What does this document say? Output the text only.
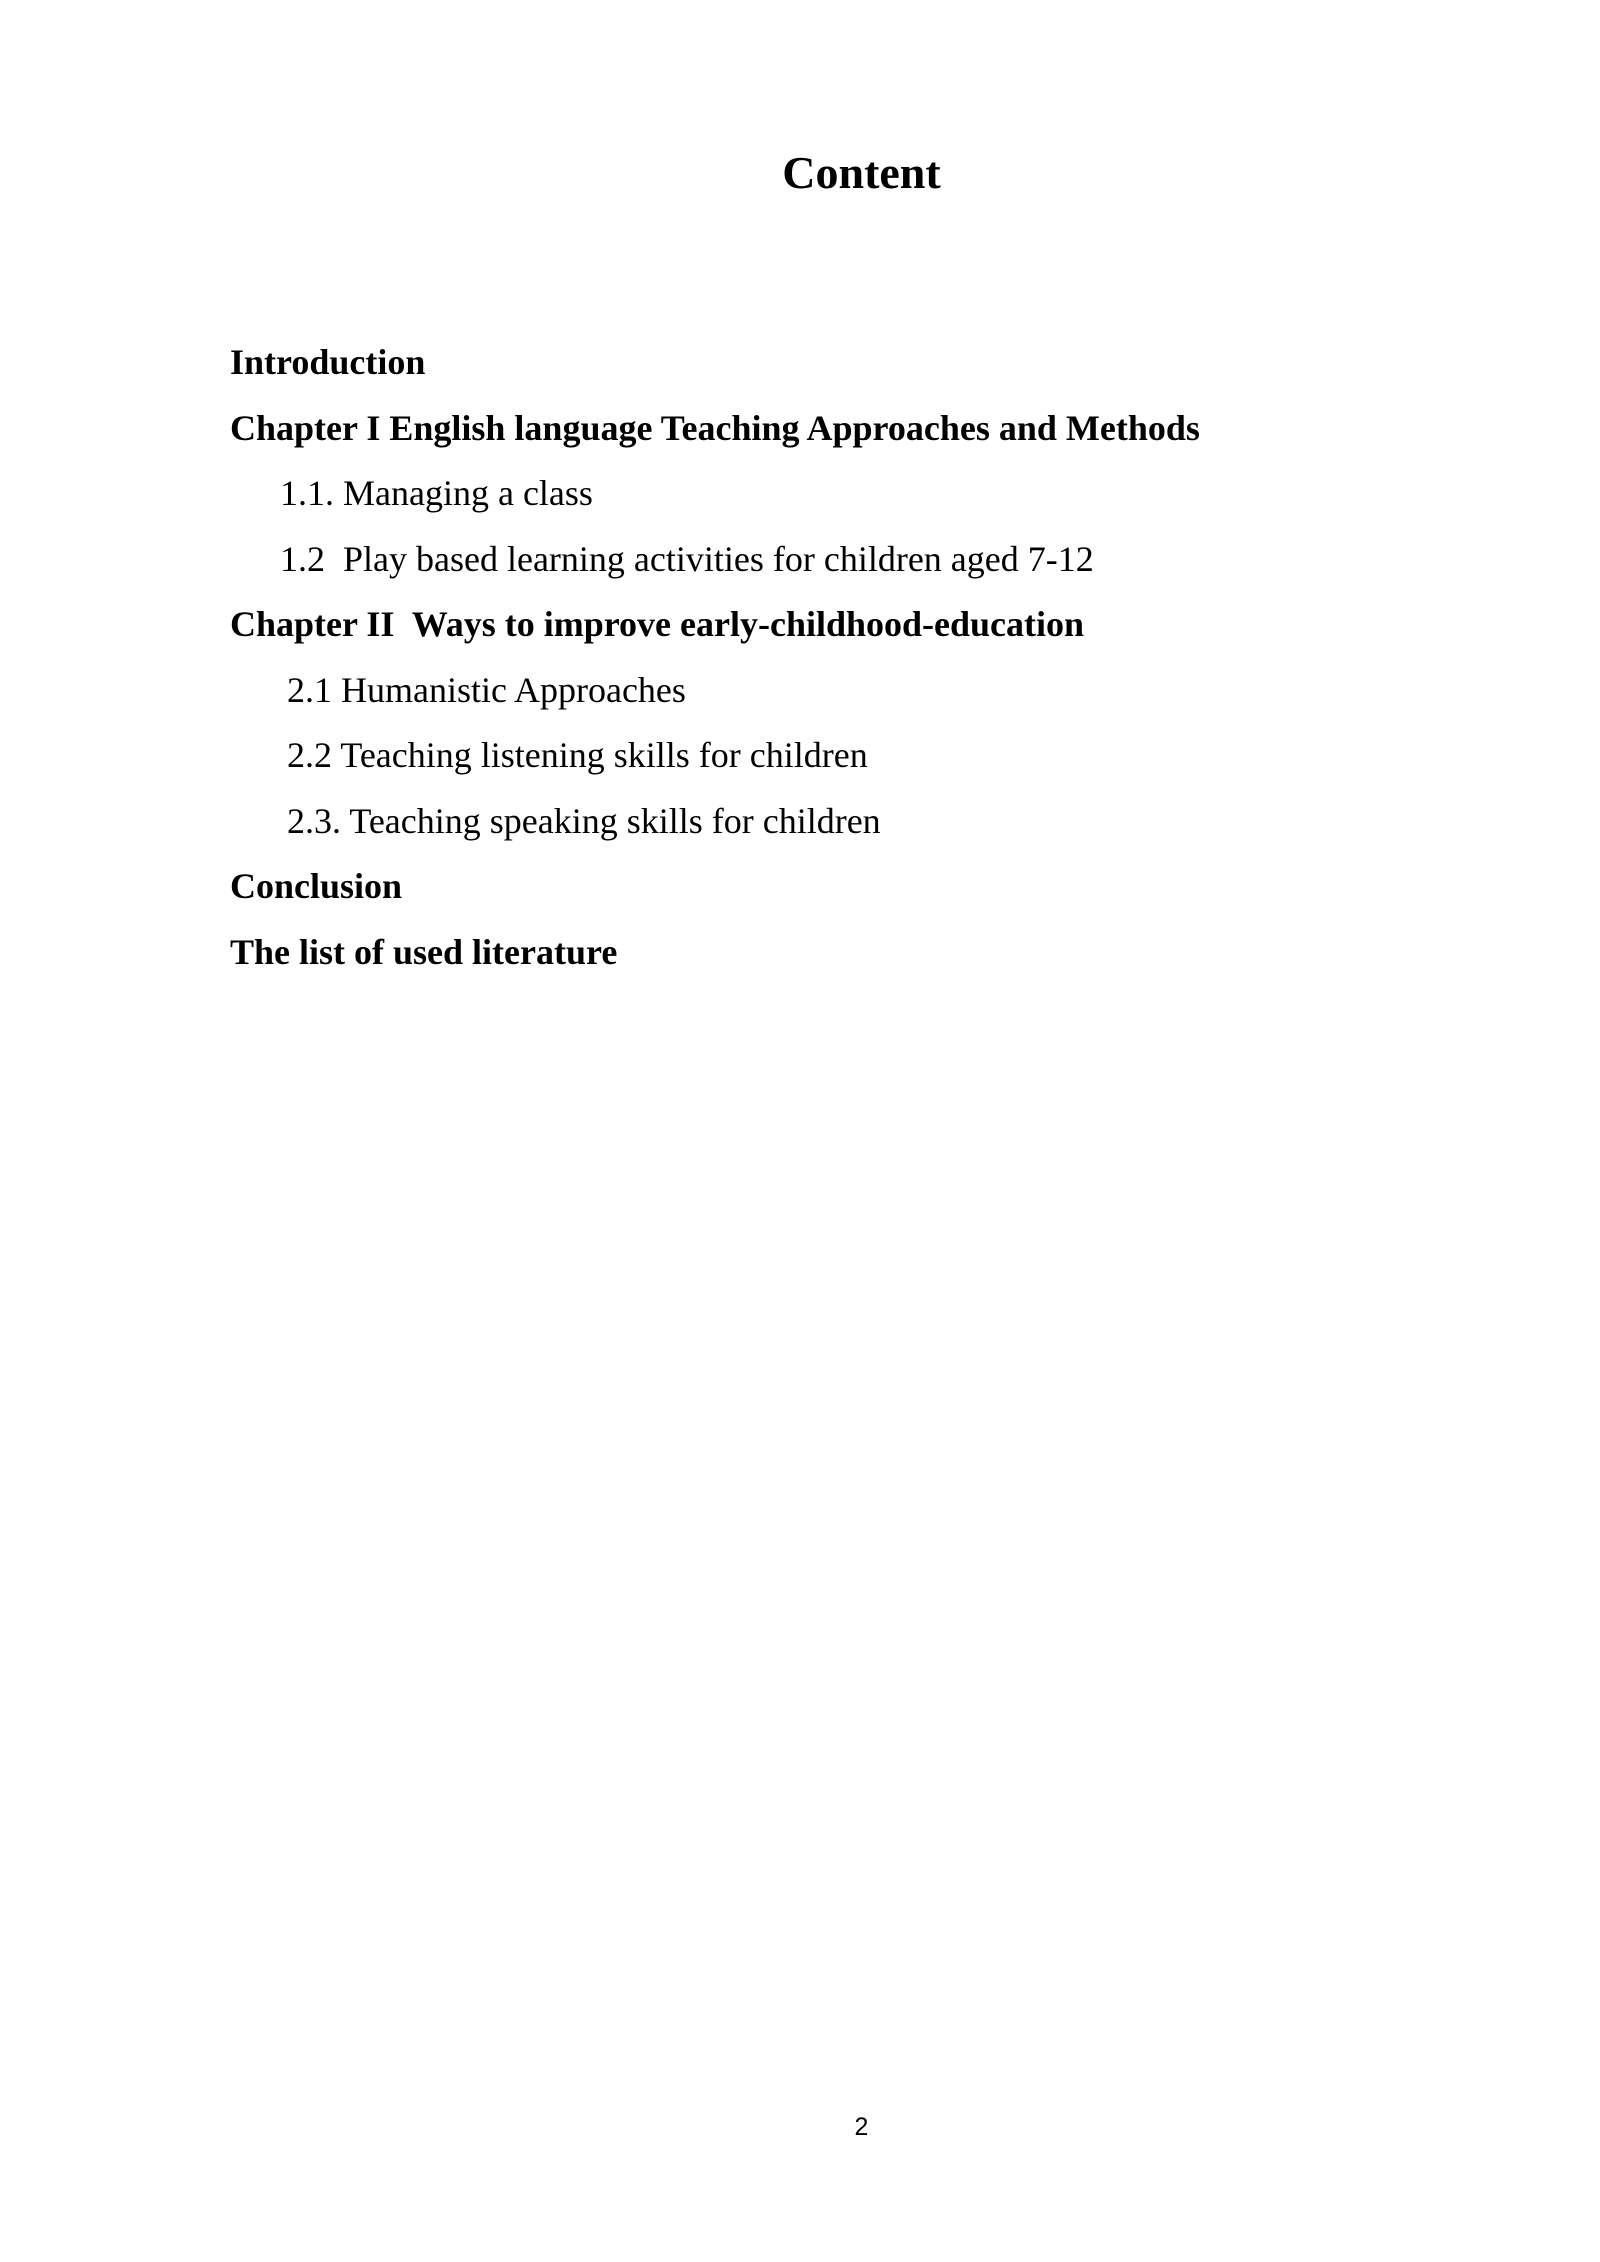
Content
Introduction
Chapter I English language Teaching Approaches and Methods
1.1. Managing a class
1.2  Play based learning activities for children aged 7-12
Chapter II  Ways to improve early-childhood-education
2.1 Humanistic Approaches
2.2 Teaching listening skills for children
2.3. Teaching speaking skills for children
Conclusion
The list of used literature
2
